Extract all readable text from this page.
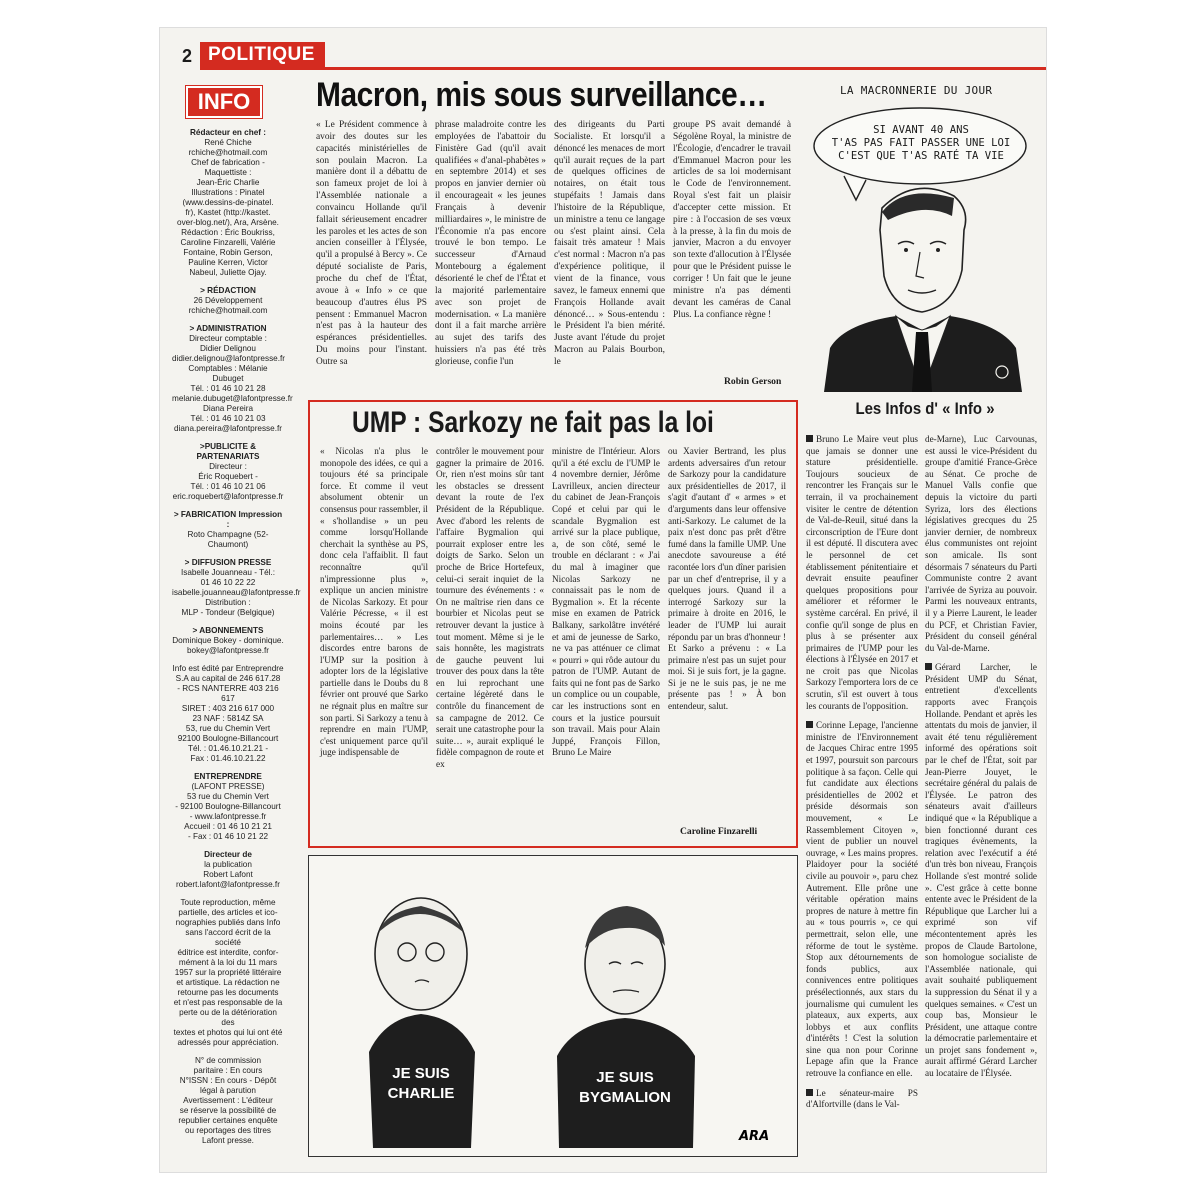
2 POLITIQUE
INFO
Rédacteur en chef :
René Chiche
rchiche@hotmail.com
Chef de fabrication -
Maquettiste :
Jean-Éric Charlie
Illustrations : Pinatel
(www.dessins-de-pinatel.
fr), Kastet (http://kastet.
over-blog.net/), Ara, Arsène.
Rédaction : Éric Boukriss,
Caroline Finzarelli, Valérie
Fontaine, Robin Gerson,
Pauline Kerren, Victor
Nabeul, Juliette Ojay.
> RÉDACTION
26 Développement
rchiche@hotmail.com
> ADMINISTRATION
Directeur comptable :
Didier Delignou
didier.delignou@lafontpresse.fr
Comptables : Mélanie Dubuget
Tél. : 01 46 10 21 28
melanie.dubuget@lafontpresse.fr
Diana Pereira
Tél. : 01 46 10 21 03
diana.pereira@lafontpresse.fr
>PUBLICITE & PARTENARIATS
Directeur :
Éric Roquebert -
Tél. : 01 46 10 21 06
eric.roquebert@lafontpresse.fr
> FABRICATION Impression :
Roto Champagne (52-Chaumont)
> DIFFUSION PRESSE
Isabelle Jouanneau - Tél.:
01 46 10 22 22
isabelle.jouanneau@lafontpresse.fr
Distribution :
MLP - Tondeur (Belgique)
> ABONNEMENTS
Dominique Bokey - dominique.
bokey@lafontpresse.fr
Info est édité par Entreprendre
S.A au capital de 246 617.28
- RCS NANTERRE 403 216 617
SIRET : 403 216 617 000
23 NAF : 5814Z SA
53, rue du Chemin Vert
92100 Boulogne-Billancourt
Tél. : 01.46.10.21.21 -
Fax : 01.46.10.21.22
ENTREPRENDRE
(LAFONT PRESSE)
53 rue du Chemin Vert
- 92100 Boulogne-Billancourt
- www.lafontpresse.fr
Accueil : 01 46 10 21 21
- Fax : 01 46 10 21 22
Directeur de
la publication
Robert Lafont
robert.lafont@lafontpresse.fr
Toute reproduction, même
partielle, des articles et ico-
nographies publiés dans Info
sans l'accord écrit de la société
éditrice est interdite, confor-
mément à la loi du 11 mars
1957 sur la propriété littéraire
et artistique. La rédaction ne
retourne pas les documents
et n'est pas responsable de la
perte ou de la détérioration des
textes et photos qui lui ont été
adressés pour appréciation.
N° de commission
paritaire : En cours
N°ISSN : En cours - Dépôt
légal à parution
Avertissement : L'éditeur
se réserve la possibilité de
republier certaines enquête
ou reportages des titres
Lafont presse.
Macron, mis sous surveillance…

« Le Président commence à avoir des doutes sur les capacités ministérielles de son poulain Macron. La manière dont il a débattu de son fameux projet de loi à l'Assemblée nationale a convaincu Hollande qu'il fallait sérieusement encadrer les paroles et les actes de son ancien conseiller à l'Élysée, qu'il a propulsé à Bercy ». Ce député socialiste de Paris, proche du chef de l'État, avoue à « Info » ce que beaucoup d'autres élus PS pensent : Emmanuel Macron n'est pas à la hauteur des espérances présidentielles. Du moins pour l'instant. Outre sa

phrase maladroite contre les employées de l'abattoir du Finistère Gad (qu'il avait qualifiées « d'anal-phabètes » en septembre 2014) et ses propos en janvier dernier où il encourageait « les jeunes Français à devenir milliardaires », le ministre de l'Économie n'a pas encore trouvé le bon tempo. Le successeur d'Arnaud Montebourg a également désorienté le chef de l'État et la majorité parlementaire avec son projet de modernisation. « La manière dont il a fait marche arrière au sujet des tarifs des huissiers n'a pas été très glorieuse, confie l'un

des dirigeants du Parti Socialiste. Et lorsqu'il a dénoncé les menaces de mort qu'il aurait reçues de la part de quelques officines de notaires, on était tous stupéfaits ! Jamais dans l'histoire de la République, un ministre a tenu ce langage ou s'est plaint ainsi. Cela faisait très amateur ! Mais c'est normal : Macron n'a pas d'expérience politique, il vient de la finance, vous savez, le fameux ennemi que François Hollande avait dénoncé… » Sous-entendu : le Président l'a bien mérité. Juste avant l'étude du projet Macron au Palais Bourbon, le

groupe PS avait demandé à Ségolène Royal, la ministre de l'Écologie, d'encadrer le travail d'Emmanuel Macron pour les articles de sa loi modernisant le Code de l'environnement. Royal s'est fait un plaisir d'accepter cette mission. Et pire : à l'occasion de ses vœux à la presse, à la fin du mois de janvier, Macron a du envoyer son texte d'allocution à l'Élysée pour que le Président puisse le corriger ! Un fait que le jeune ministre n'a pas démenti devant les caméras de Canal Plus. La confiance règne !

Robin Gerson
LA MACRONNERIE DU JOUR
SI AVANT 40 ANS
T'AS PAS FAIT PASSER UNE LOI
C'EST QUE T'AS RATÉ TA VIE
UMP : Sarkozy ne fait pas la loi

« Nicolas n'a plus le monopole des idées, ce qui a toujours été sa principale force. Et comme il veut absolument obtenir un consensus pour rassembler, il « s'hollandise » un peu comme lorsqu'Hollande cherchait la synthèse au PS, donc cela l'affaiblit. Il faut reconnaître qu'il n'impressionne plus », explique un ancien ministre de Nicolas Sarkozy. Et pour Valérie Pécresse, « il est moins écouté par les parlementaires… » Les discordes entre barons de l'UMP sur la position à adopter lors de la législative partielle dans le Doubs du 8 février ont prouvé que Sarko ne régnait plus en maître sur son parti. Si Sarkozy a tenu à reprendre en main l'UMP, c'est uniquement parce qu'il juge indispensable de

contrôler le mouvement pour gagner la primaire de 2016. Or, rien n'est moins sûr tant les obstacles se dressent devant la route de l'ex Président de la République. Avec d'abord les relents de l'affaire Bygmalion qui pourrait exploser entre les doigts de Sarko. Selon un proche de Brice Hortefeux, celui-ci serait inquiet de la tournure des événements : « On ne maîtrise rien dans ce bourbier et Nicolas peut se retrouver devant la justice à tout moment. Même si je le sais honnête, les magistrats de gauche peuvent lui trouver des poux dans la tête en lui reprochant une certaine légèreté dans le contrôle du financement de sa campagne de 2012. Ce serait une catastrophe pour la suite… », aurait expliqué le fidèle compagnon de route et ex

ministre de l'Intérieur. Alors qu'il a été exclu de l'UMP le 4 novembre dernier, Jérôme Lavrilleux, ancien directeur du cabinet de Jean-François Copé et celui par qui le scandale Bygmalion est arrivé sur la place publique, a, de son côté, semé le trouble en déclarant : « J'ai du mal à imaginer que Nicolas Sarkozy ne connaissait pas le nom de Bygmalion ». Et la récente mise en examen de Patrick Balkany, sarkolâtre invétéré et ami de jeunesse de Sarko, ne va pas atténuer ce climat « pourri » qui rôde autour du patron de l'UMP. Autant de faits qui ne font pas de Sarko un complice ou un coupable, car les instructions sont en cours et la justice poursuit son travail. Mais pour Alain Juppé, François Fillon, Bruno Le Maire

ou Xavier Bertrand, les plus ardents adversaires d'un retour de Sarkozy pour la candidature aux présidentielles de 2017, il s'agit d'autant d' « armes » et d'arguments dans leur offensive anti-Sarkozy. Le calumet de la paix n'est donc pas prêt d'être fumé dans la famille UMP. Une anecdote savoureuse a été racontée lors d'un dîner parisien par un chef d'entreprise, il y a quelques jours. Quand il a interrogé Sarkozy sur la primaire à droite en 2016, le leader de l'UMP lui aurait répondu par un bras d'honneur ! Et Sarko a prévenu : « La primaire n'est pas un sujet pour moi. Si je suis fort, je la gagne. Si je ne le suis pas, je ne me présente pas ! » À bon entendeur, salut.

Caroline Finzarelli
JE SUIS
CHARLIE
JE SUIS
BYGMALION
ARA
Les Infos d' « Info »

Bruno Le Maire veut plus que jamais se donner une stature présidentielle. Toujours soucieux de rencontrer les Français sur le terrain, il va prochainement visiter le centre de détention de Val-de-Reuil, situé dans la circonscription de l'Eure dont il est député. Il discutera avec le personnel de cet établissement pénitentiaire et devrait ensuite peaufiner quelques propositions pour améliorer et réformer le système carcéral. En privé, il confie qu'il songe de plus en plus à se présenter aux primaires de l'UMP pour les élections à l'Élysée en 2017 et ne croit pas que Nicolas Sarkozy l'emportera lors de ce scrutin, s'il est ouvert à tous les courants de l'opposition.

Corinne Lepage, l'ancienne ministre de l'Environnement de Jacques Chirac entre 1995 et 1997, poursuit son parcours politique à sa façon. Celle qui fut candidate aux élections présidentielles de 2002 et préside désormais son mouvement, « Le Rassemblement Citoyen », vient de publier un nouvel ouvrage, « Les mains propres. Plaidoyer pour la société civile au pouvoir », paru chez Autrement. Elle prône une véritable opération mains propres de nature à mettre fin au « tous pourris », ce qui permettrait, selon elle, une réforme de tout le système. Stop aux détournements de fonds publics, aux connivences entre politiques présélectionnés, aux stars du journalisme qui cumulent les plateaux, aux experts, aux lobbys et aux conflits d'intérêts ! C'est la solution sine qua non pour Corinne Lepage afin que la France retrouve la confiance en elle.

Le sénateur-maire PS d'Alfortville (dans le Val-

de-Marne), Luc Carvounas, est aussi le vice-Président du groupe d'amitié France-Grèce au Sénat. Ce proche de Manuel Valls confie que depuis la victoire du parti Syriza, lors des élections législatives grecques du 25 janvier dernier, de nombreux élus communistes ont rejoint son amicale. Ils sont désormais 7 sénateurs du Parti Communiste contre 2 avant l'arrivée de Syriza au pouvoir. Parmi les nouveaux entrants, il y a Pierre Laurent, le leader du PCF, et Christian Favier, Président du conseil général du Val-de-Marne.

Gérard Larcher, le Président UMP du Sénat, entretient d'excellents rapports avec François Hollande. Pendant et après les attentats du mois de janvier, il avait été tenu régulièrement informé des opérations soit par le chef de l'État, soit par Jean-Pierre Jouyet, le secrétaire général du palais de l'Élysée. Le patron des sénateurs avait d'ailleurs indiqué que « la République a bien fonctionné durant ces tragiques évènements, la relation avec l'exécutif a été d'un très bon niveau, François Hollande s'est montré solide ». C'est grâce à cette bonne entente avec le Président de la République que Larcher lui a exprimé son vif mécontentement après les propos de Claude Bartolone, son homologue socialiste de l'Assemblée nationale, qui avait souhaité publiquement la suppression du Sénat il y a quelques semaines. « C'est un coup bas, Monsieur le Président, une attaque contre la démocratie parlementaire et un projet sans fondement », aurait affirmé Gérard Larcher au locataire de l'Élysée.
